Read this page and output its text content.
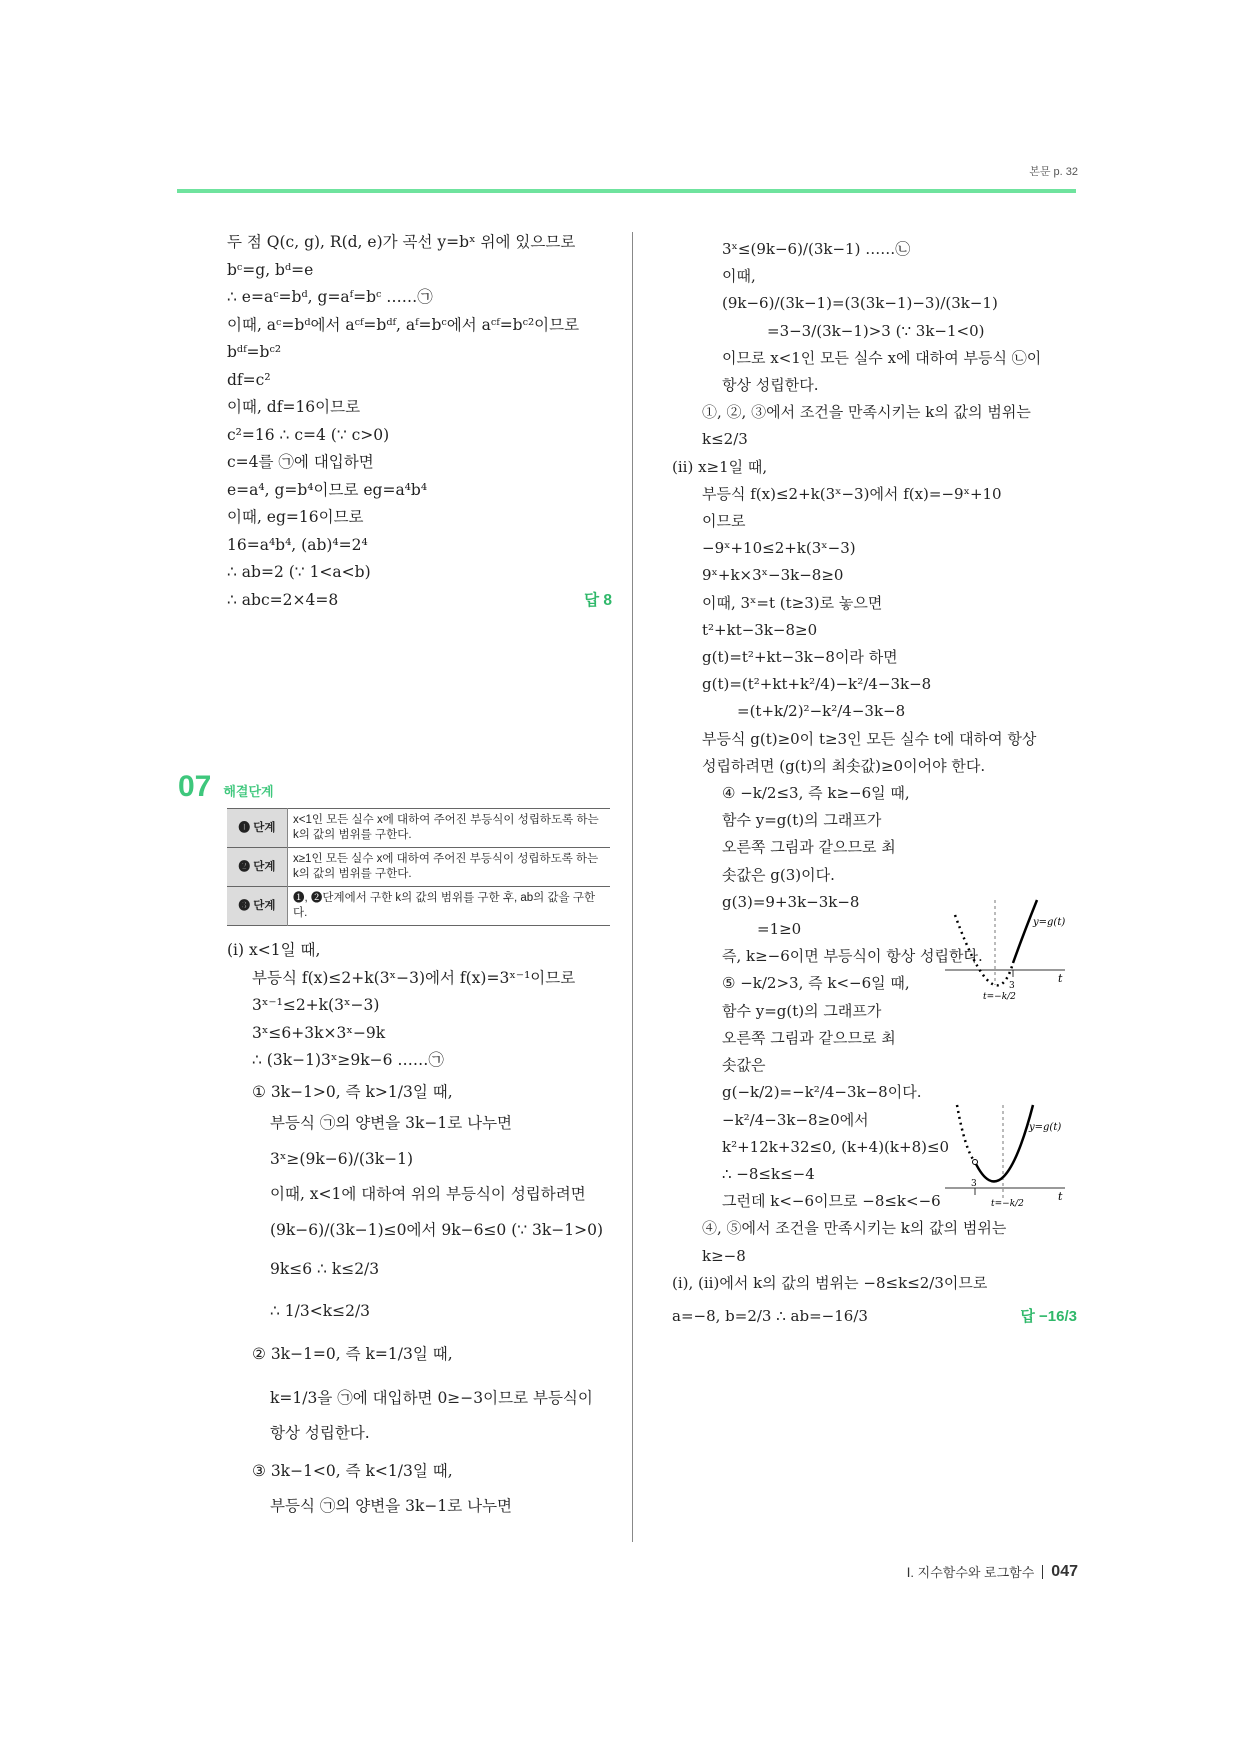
본문 p. 32
두 점 Q(c, g), R(d, e)가 곡선 y=bˣ 위에 있으므로
bᶜ=g, bᵈ=e
∴ e=aᶜ=bᵈ, g=aᶠ=bᶜ ……㉠
이때, aᶜ=bᵈ에서 aᶜᶠ=bᵈᶠ, aᶠ=bᶜ에서 aᶜᶠ=bᶜ²이므로
bᵈᶠ=bᶜ²
df=c²
이때, df=16이므로
c²=16 ∴ c=4 (∵ c>0)
c=4를 ㉠에 대입하면
e=a⁴, g=b⁴이므로 eg=a⁴b⁴
이때, eg=16이므로
16=a⁴b⁴, (ab)⁴=2⁴
∴ ab=2 (∵ 1<a<b)
∴ abc=2×4=8	답 8
07 해결단계
❶ 단계	x<1인 모든 실수 x에 대하여 주어진 부등식이 성립하도록 하는 k의 값의 범위를 구한다.
❷ 단계	x≥1인 모든 실수 x에 대하여 주어진 부등식이 성립하도록 하는 k의 값의 범위를 구한다.
❸ 단계	❶, ❷단계에서 구한 k의 값의 범위를 구한 후, ab의 값을 구한다.
(i) x<1일 때,
부등식 f(x)≤2+k(3ˣ−3)에서 f(x)=3ˣ⁻¹이므로
3ˣ⁻¹≤2+k(3ˣ−3)
3ˣ≤6+3k×3ˣ−9k
∴ (3k−1)3ˣ≥9k−6 ……㉠
① 3k−1>0, 즉 k>1/3일 때,
부등식 ㉠의 양변을 3k−1로 나누면
3ˣ≥(9k−6)/(3k−1)
이때, x<1에 대하여 위의 부등식이 성립하려면
(9k−6)/(3k−1)≤0에서 9k−6≤0 (∵ 3k−1>0)
9k≤6 ∴ k≤2/3
∴ 1/3<k≤2/3
② 3k−1=0, 즉 k=1/3일 때,
k=1/3을 ㉠에 대입하면 0≥−3이므로 부등식이
항상 성립한다.
③ 3k−1<0, 즉 k<1/3일 때,
부등식 ㉠의 양변을 3k−1로 나누면
3ˣ≤(9k−6)/(3k−1) ……㉡
이때,
(9k−6)/(3k−1)=(3(3k−1)−3)/(3k−1)
=3−3/(3k−1)>3 (∵ 3k−1<0)
이므로 x<1인 모든 실수 x에 대하여 부등식 ㉡이
항상 성립한다.
①, ②, ③에서 조건을 만족시키는 k의 값의 범위는
k≤2/3
(ii) x≥1일 때,
부등식 f(x)≤2+k(3ˣ−3)에서 f(x)=−9ˣ+10
이므로
−9ˣ+10≤2+k(3ˣ−3)
9ˣ+k×3ˣ−3k−8≥0
이때, 3ˣ=t (t≥3)로 놓으면
t²+kt−3k−8≥0
g(t)=t²+kt−3k−8이라 하면
g(t)=(t²+kt+k²/4)−k²/4−3k−8
=(t+k/2)²−k²/4−3k−8
부등식 g(t)≥0이 t≥3인 모든 실수 t에 대하여 항상
성립하려면 (g(t)의 최솟값)≥0이어야 한다.
④ −k/2≤3, 즉 k≥−6일 때,
함수 y=g(t)의 그래프가
오른쪽 그림과 같으므로 최
솟값은 g(3)이다.
g(3)=9+3k−3k−8
=1≥0
즉, k≥−6이면 부등식이 항상 성립한다.
⑤ −k/2>3, 즉 k<−6일 때,
함수 y=g(t)의 그래프가
오른쪽 그림과 같으므로 최
솟값은
g(−k/2)=−k²/4−3k−8이다.
−k²/4−3k−8≥0에서
k²+12k+32≤0, (k+4)(k+8)≤0
∴ −8≤k≤−4
그런데 k<−6이므로 −8≤k<−6
④, ⑤에서 조건을 만족시키는 k의 값의 범위는
k≥−8
(i), (ii)에서 k의 값의 범위는 −8≤k≤2/3이므로
a=−8, b=2/3 ∴ ab=−16/3	답 −16/3
y=g(t)
t
3
t=−k/2
y=g(t)
t
3
t=−k/2
Ⅰ. 지수함수와 로그함수 047
